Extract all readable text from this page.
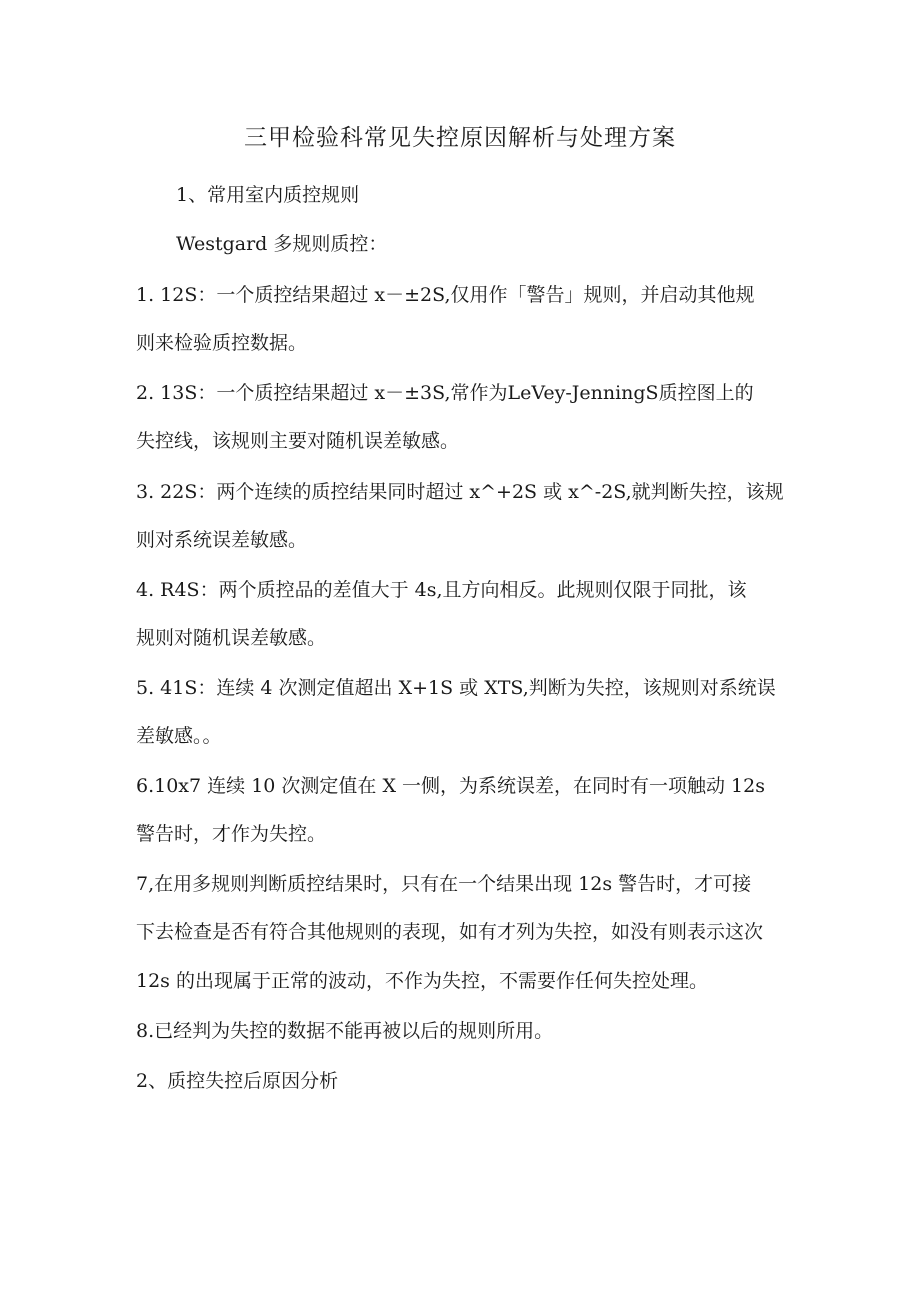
三甲检验科常见失控原因解析与处理方案
1、常用室内质控规则
Westgard 多规则质控：
1. 12S：一个质控结果超过 x－±2S,仅用作「警告」规则，并启动其他规
则来检验质控数据。
2. 13S：一个质控结果超过 x－±3S,常作为LeVey-JenningS质控图上的
失控线，该规则主要对随机误差敏感。
3. 22S：两个连续的质控结果同时超过 x^+2S 或 x^-2S,就判断失控，该规
则对系统误差敏感。
4. R4S：两个质控品的差值大于 4s,且方向相反。此规则仅限于同批，该
规则对随机误差敏感。
5. 41S：连续 4 次测定值超出 X+1S 或 XTS,判断为失控，该规则对系统误
差敏感。。
6.10x7 连续 10 次测定值在 X 一侧，为系统误差，在同时有一项触动 12s
警告时，才作为失控。
7,在用多规则判断质控结果时，只有在一个结果出现 12s 警告时，才可接
下去检查是否有符合其他规则的表现，如有才列为失控，如没有则表示这次
12s 的出现属于正常的波动，不作为失控，不需要作任何失控处理。
8.已经判为失控的数据不能再被以后的规则所用。
2、质控失控后原因分析
